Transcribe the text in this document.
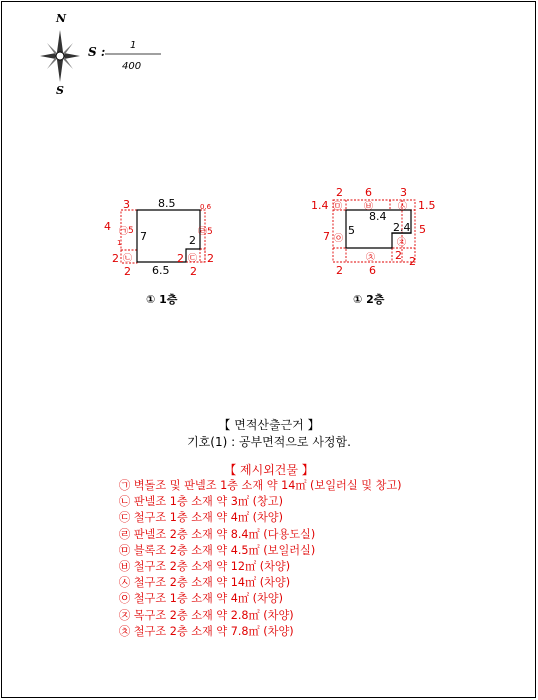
N
S
S : 1
400
8.5
6.5
7	2
3
4 5
1
2
2
0.6
5
2 2
2
㉠
㉡	㉢
㉣
① 1층
8.4
5	2.4
2 6	3
1.4	1.5
7
5
2 6
2 2
㉤ ㉥	㉦
㉧	㉨
㉩
① 2층
【 면적산출근거 】
기호(1) : 공부면적으로 사정함.
【 제시외건물 】
㉠ 벽돌조 및 판넬조 1층 소재 약 14㎡ (보일러실 및 창고)
㉡ 판넬조 1층 소재 약 3㎡ (창고)
㉢ 철구조 1층 소재 약 4㎡ (차양)
㉣ 판넬조 2층 소재 약 8.4㎡ (다용도실)
㉤ 블록조 2층 소재 약 4.5㎡ (보일러실)
㉥ 철구조 2층 소재 약 12㎡ (차양)
㉦ 철구조 2층 소재 약 14㎡ (차양)
㉧ 철구조 1층 소재 약 4㎡ (차양)
㉨ 목구조 2층 소재 약 2.8㎡ (차양)
㉩ 철구조 2층 소재 약 7.8㎡ (차양)
